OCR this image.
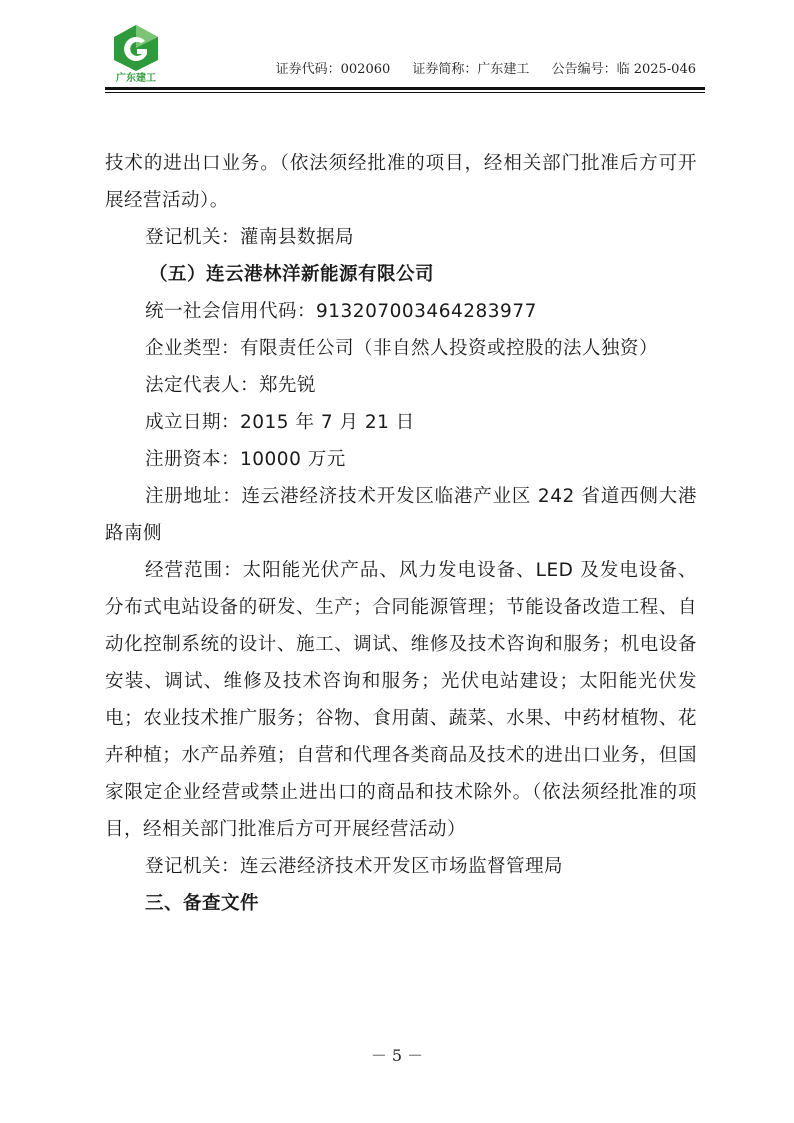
广东建工
证券代码：002060 证券简称：广东建工 公告编号：临 2025-046

技术的进出口业务。（依法须经批准的项目，经相关部门批准后方可开展经营活动）。

登记机关：灌南县数据局

（五）连云港林洋新能源有限公司

统一社会信用代码：913207003464283977

企业类型：有限责任公司（非自然人投资或控股的法人独资）

法定代表人：郑先锐

成立日期：2015 年 7 月 21 日

注册资本：10000 万元

注册地址：连云港经济技术开发区临港产业区 242 省道西侧大港路南侧

经营范围：太阳能光伏产品、风力发电设备、LED 及发电设备、分布式电站设备的研发、生产；合同能源管理；节能设备改造工程、自动化控制系统的设计、施工、调试、维修及技术咨询和服务；机电设备安装、调试、维修及技术咨询和服务；光伏电站建设；太阳能光伏发电；农业技术推广服务；谷物、食用菌、蔬菜、水果、中药材植物、花卉种植；水产品养殖；自营和代理各类商品及技术的进出口业务，但国家限定企业经营或禁止进出口的商品和技术除外。（依法须经批准的项目，经相关部门批准后方可开展经营活动）

登记机关：连云港经济技术开发区市场监督管理局

三、备查文件

－ 5 －
